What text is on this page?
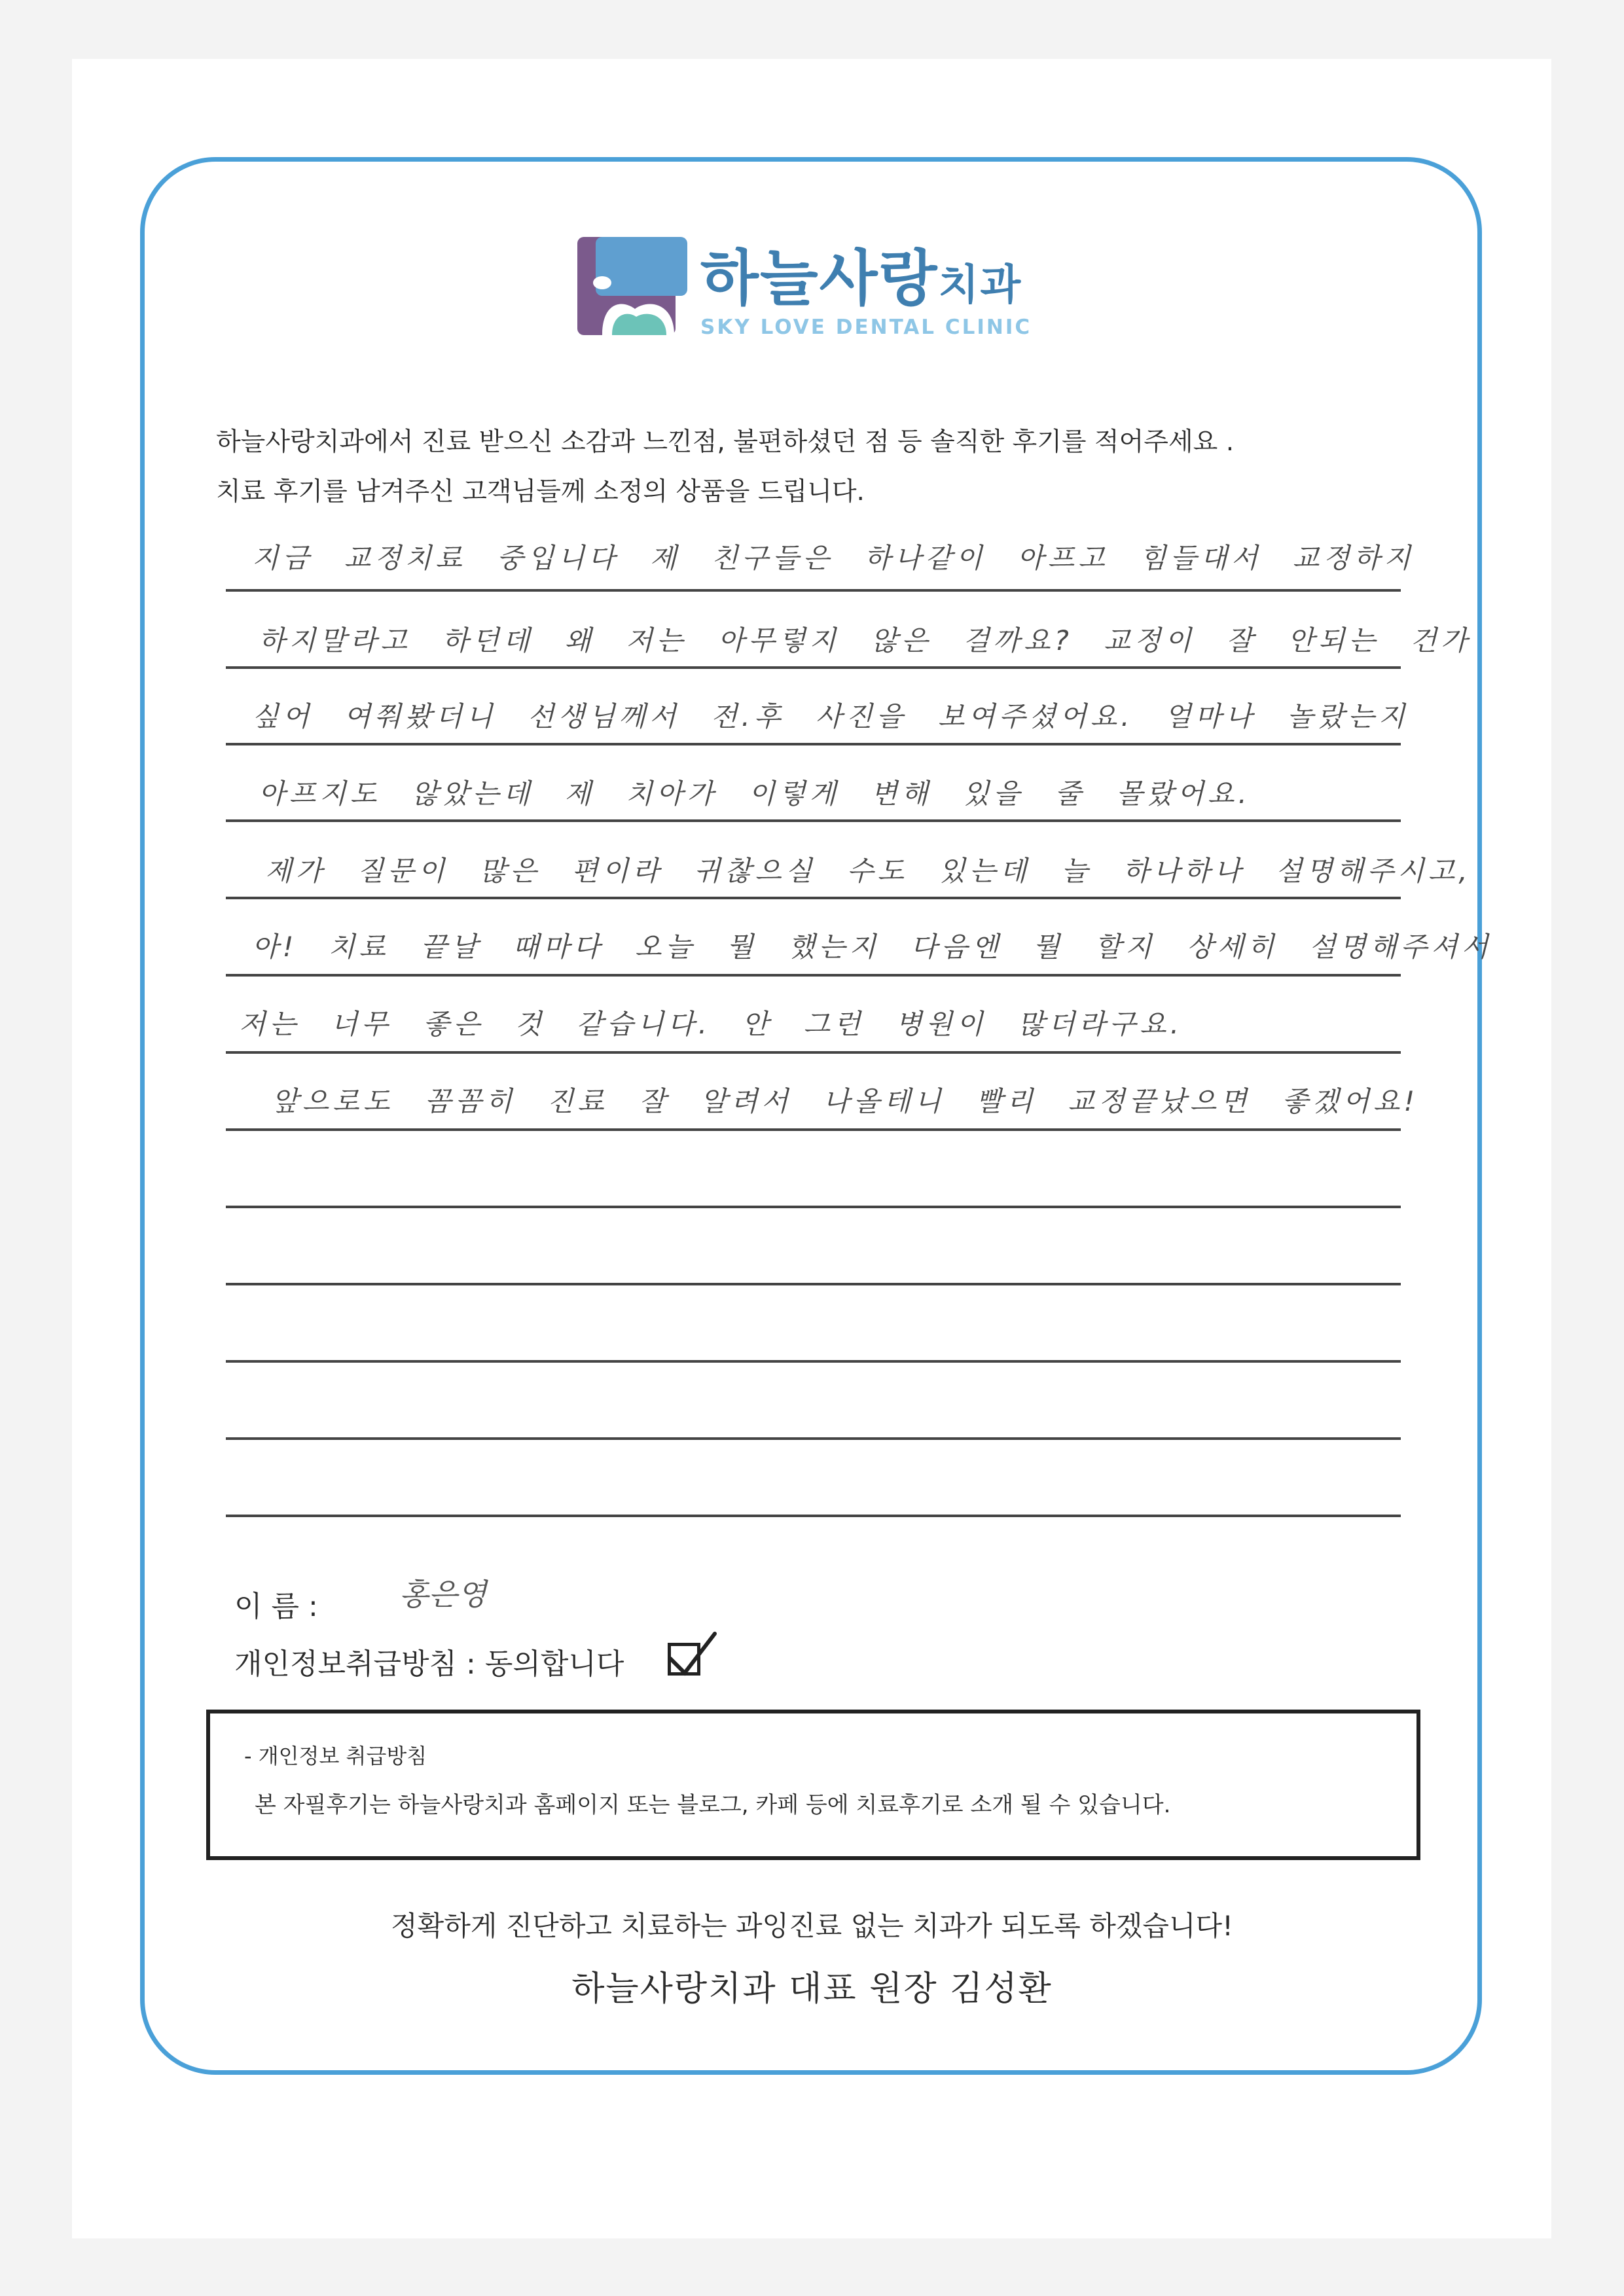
하늘사랑치과
SKY LOVE DENTAL CLINIC

하늘사랑치과에서 진료 받으신 소감과 느낀점, 불편하셨던 점 등 솔직한 후기를 적어주세요 .

치료 후기를 남겨주신 고객님들께 소정의 상품을 드립니다.

지금 교정치료 중입니다 제 친구들은 하나같이 아프고 힘들대서 교정하지
하지말라고 하던데 왜 저는 아무렇지 않은 걸까요? 교정이 잘 안되는 건가
싶어 여쭤봤더니 선생님께서 전.후 사진을 보여주셨어요. 얼마나 놀랐는지
아프지도 않았는데 제 치아가 이렇게 변해 있을 줄 몰랐어요.
제가 질문이 많은 편이라 귀찮으실 수도 있는데 늘 하나하나 설명해주시고,
아! 치료 끝날 때마다 오늘 뭘 했는지 다음엔 뭘 할지 상세히 설명해주셔서
저는 너무 좋은 것 같습니다. 안 그런 병원이 많더라구요.
앞으로도 꼼꼼히 진료 잘 알려서 나올테니 빨리 교정끝났으면 좋겠어요!
이 름 :	홍은영
개인정보취급방침 : 동의합니다
- 개인정보 취급방침
본 자필후기는 하늘사랑치과 홈페이지 또는 블로그, 카페 등에 치료후기로 소개 될 수 있습니다.
정확하게 진단하고 치료하는 과잉진료 없는 치과가 되도록 하겠습니다!
하늘사랑치과 대표 원장 김성환
